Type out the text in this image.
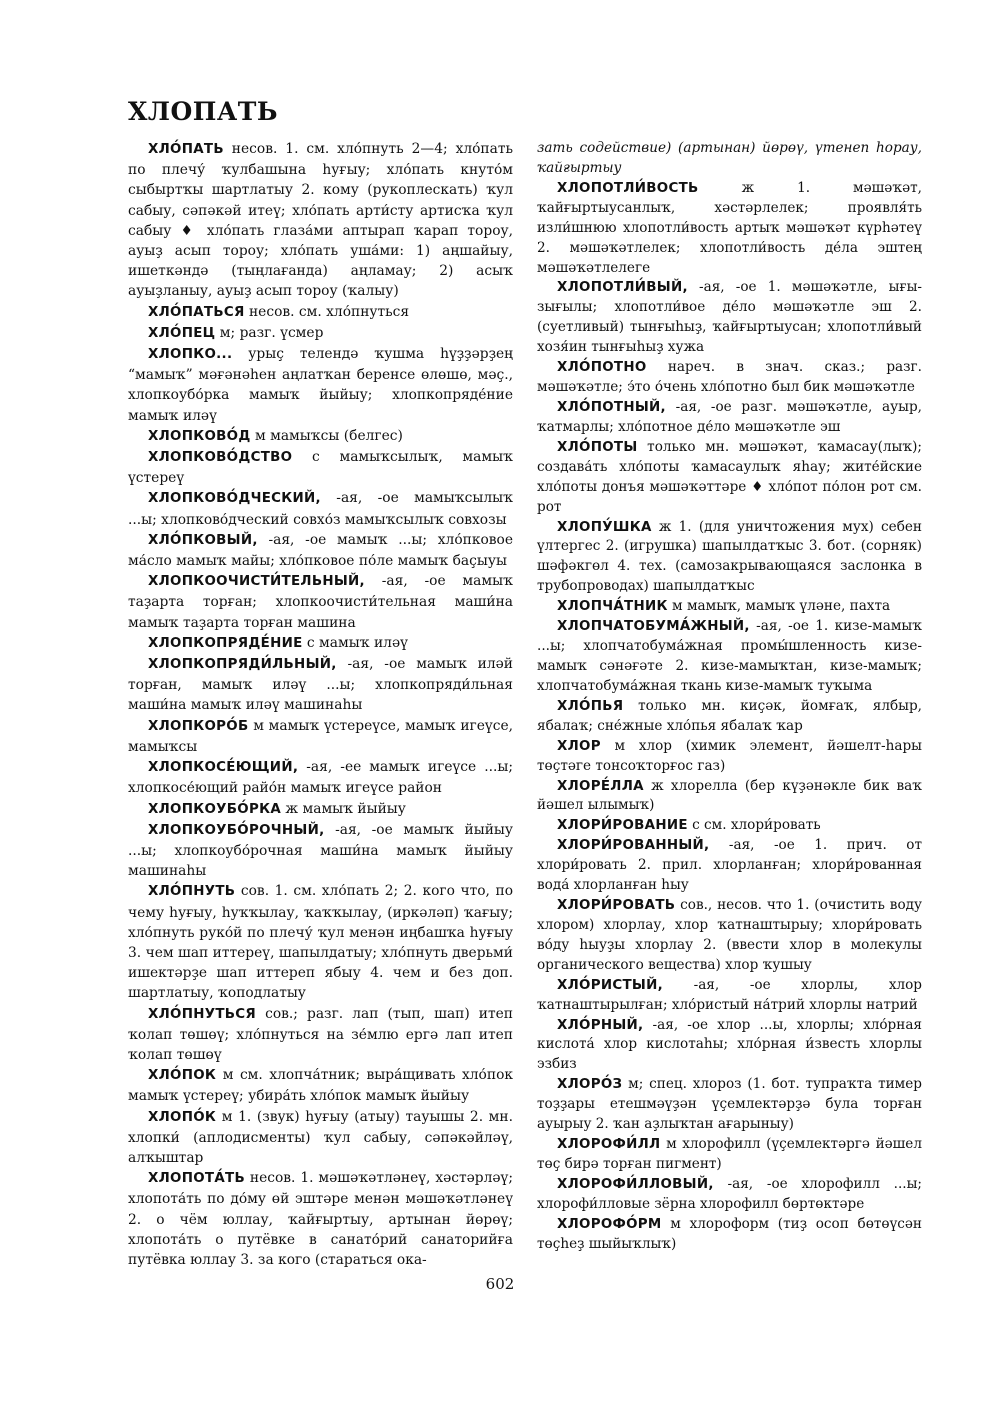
ХЛОПАТЬ

ХЛО́ПАТЬ несов. 1. см. хло́пнуть 2—4; хло́пать по плечу́ ҡулбашына һуғыу; хло́пать кнуто́м сыбыртҡы шартлатыу 2. кому (рукоплескать) ҡул сабыу, сәпәкәй итеү; хло́пать арти́сту артисҡа ҡул сабыу ♦ хло́пать глаза́ми аптырап ҡарап тороу, ауыҙ асып тороу; хло́пать уша́ми: 1) аңшайыу, ишеткәндә (тыңлағанда) аңламау; 2) асыҡ ауыҙланыу, ауыҙ асып тороу (ҡалыу)

ХЛО́ПАТЬСЯ несов. см. хло́пнуться

ХЛО́ПЕЦ м; разг. үсмер

ХЛОПКО... урыҫ телендә ҡушма һүҙҙәрҙең “мамыҡ” мәғәнәһен аңлатҡан беренсе өлөшө, мәҫ., хлопкоубо́рка мамыҡ йыйыу; хлопкопряде́ние мамыҡ иләү

ХЛОПКОВО́Д м мамыҡсы (белгес)

ХЛОПКОВО́ДСТВО с мамыҡсылыҡ, мамыҡ үстереү

ХЛОПКОВО́ДЧЕСКИЙ, -ая, -ое мамыҡсылыҡ ...ы; хлопково́дческий совхо́з мамыҡсылыҡ совхозы

ХЛО́ПКОВЫЙ, -ая, -ое мамыҡ ...ы; хло́пковое ма́сло мамыҡ майы; хло́пковое по́ле мамыҡ баҫыуы

ХЛОПКООЧИСТИ́ТЕЛЬНЫЙ, -ая, -ое мамыҡ таҙарта торған; хлопкоочисти́тельная маши́на мамыҡ таҙарта торған машина

ХЛОПКОПРЯДЕ́НИЕ с мамыҡ иләү

ХЛОПКОПРЯДИ́ЛЬНЫЙ, -ая, -ое мамыҡ иләй торған, мамыҡ иләү ...ы; хлопкопряди́льная маши́на мамыҡ иләү машинаһы

ХЛОПКОРО́Б м мамыҡ үстереүсе, мамыҡ игеүсе, мамыҡсы

ХЛОПКОСЕ́ЮЩИЙ, -ая, -ее мамыҡ игеүсе ...ы; хлопкосе́ющий райо́н мамыҡ игеүсе район

ХЛОПКОУБО́РКА ж мамыҡ йыйыу

ХЛОПКОУБО́РОЧНЫЙ, -ая, -ое мамыҡ йыйыу ...ы; хлопкоубо́рочная маши́на мамыҡ йыйыу машинаһы

ХЛО́ПНУТЬ сов. 1. см. хло́пать 2; 2. кого что, по чему һуғыу, һуҡҡылау, ҡаҡҡылау, (иркәләп) ҡағыу; хло́пнуть руко́й по плечу́ ҡул менән иңбашҡа һуғыу 3. чем шап иттереү, шапылдатыу; хло́пнуть дверьми́ ишектәрҙе шап иттереп ябыу 4. чем и без доп. шартлатыу, ҡоподлатыу

ХЛО́ПНУТЬСЯ сов.; разг. лап (тып, шап) итеп ҡолап төшөү; хло́пнуться на зе́млю ергә лап итеп ҡолап төшөү

ХЛО́ПОК м см. хлопча́тник; выра́щивать хло́пок мамыҡ үстереү; убира́ть хло́пок мамыҡ йыйыу

ХЛОПО́К м 1. (звук) һуғыу (атыу) тауышы 2. мн. хлопки́ (аплодисменты) ҡул сабыу, сәпәкәйләү, алҡыштар

ХЛОПОТА́ТЬ несов. 1. мәшәҡәтләнеү, хәстәрләү; хлопота́ть по до́му өй эштәре менән мәшәҡәтләнеү 2. о чём юллау, ҡайғыртыу, артынан йөрөү; хлопота́ть о путёвке в санато́рий санаторийға путёвка юллау 3. за кого (стараться ока-

зать содействие) (артынан) йөрөү, үтенеп һорау, ҡайғыртыу

ХЛОПОТЛИ́ВОСТЬ	ж 1. мәшәҡәт, ҡайғыртыусанлыҡ, хәстәрлелек; проявля́ть изли́шнюю хлопотли́вость артыҡ мәшәҡәт күрһәтеү 2. мәшәҡәтлелек; хлопотли́вость де́ла эштең мәшәҡәтлелеге

ХЛОПОТЛИ́ВЫЙ, -ая, -ое 1. мәшәҡәтле, ығы-зығылы; хлопотли́вое де́ло мәшәҡәтле эш 2. (суетливый) тынғыһыҙ, ҡайғыртыусан; хлопотли́вый хозя́ин тынғыһыҙ хужа

ХЛО́ПОТНО нареч. в знач. сказ.; разг. мәшәҡәтле; э́то о́чень хло́потно был бик мәшәҡәтле

ХЛО́ПОТНЫЙ, -ая, -ое разг. мәшәҡәтле, ауыр, ҡатмарлы; хло́потное де́ло мәшәҡәтле эш

ХЛО́ПОТЫ только мн. мәшәҡәт, ҡамасау(лыҡ); создава́ть хло́поты ҡамасаулыҡ яһау; жите́йские хло́поты донъя мәшәҡәттәре ♦ хло́пот по́лон рот см. рот

ХЛОПУ́ШКА ж 1. (для уничтожения мух) себен үлтергес 2. (игрушка) шапылдатҡыс 3. бот. (сорняк) шәфәкгөл 4. тех. (самозакрывающаяся заслонка в трубопроводах) шапылдатҡыс

ХЛОПЧА́ТНИК м мамыҡ, мамыҡ үләне, пахта

ХЛОПЧАТОБУМА́ЖНЫЙ, -ая, -ое 1. кизе-мамыҡ ...ы; хлопчатобума́жная промы́шленность кизе-мамыҡ сәнәғәте 2. кизе-мамыҡтан, кизе-мамыҡ; хлопчатобума́жная ткань кизе-мамыҡ туҡыма

ХЛО́ПЬЯ только мн. киҫәк, йомғаҡ, ялбыр, ябалаҡ; сне́жные хло́пья ябалаҡ ҡар

ХЛОР м хлор (химик элемент, йәшелт-һары төҫтәге тонсоҡторғос газ)

ХЛОРЕ́ЛЛА ж хлорелла (бер күҙәнәкле бик ваҡ йәшел ылымыҡ)

ХЛОРИ́РОВАНИЕ с см. хлори́ровать

ХЛОРИ́РОВАННЫЙ, -ая, -ое 1. прич. от хлори́ровать 2. прил. хлорланған; хлори́рованная вода́ хлорланған һыу

ХЛОРИ́РОВАТЬ сов., несов. что 1. (очистить воду хлором) хлорлау, хлор ҡатнаштырыу; хлори́ровать во́ду һыуҙы хлорлау 2. (ввести хлор в молекулы органического вещества) хлор ҡушыу

ХЛО́РИСТЫЙ, -ая, -ое хлорлы, хлор ҡатнаштырылған; хло́ристый на́трий хлорлы натрий

ХЛО́РНЫЙ, -ая, -ое хлор ...ы, хлорлы; хло́рная кислота́ хлор кислотаһы; хло́рная и́звесть хлорлы эзбиз

ХЛОРО́З м; спец. хлороз (1. бот. тупраҡта тимер тоҙҙары етешмәүҙән үҫемлектәрҙә була торған ауырыу 2. ҡан аҙлыҡтан ағарыныу)

ХЛОРОФИ́ЛЛ м хлорофилл (үҫемлектәргә йәшел төҫ бирә торған пигмент)

ХЛОРОФИ́ЛЛОВЫЙ, -ая, -ое хлорофилл ...ы; хлорофи́лловые зёрна хлорофилл бөртөктәре

ХЛОРОФО́РМ м хлороформ (тиҙ осоп бөтөүсән төҫһеҙ шыйыҡлыҡ)

602
